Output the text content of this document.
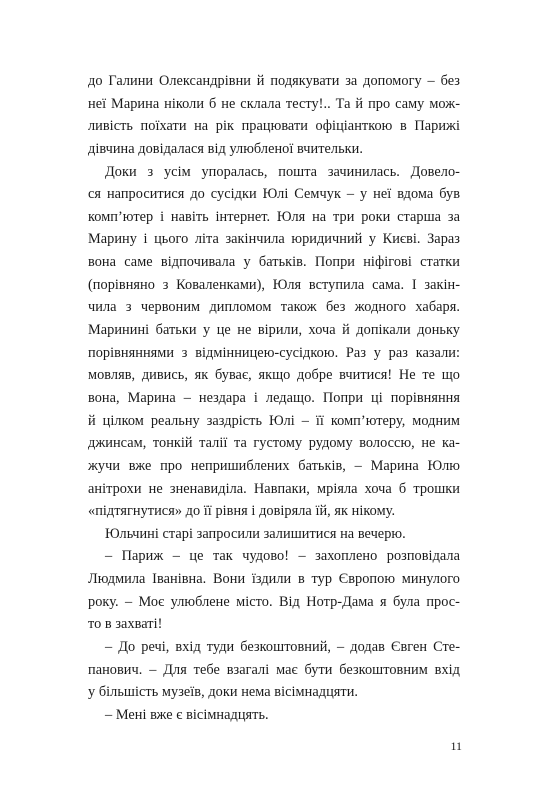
до Галини Олександрівни й подякувати за допомогу – без
неї Марина ніколи б не склала тесту!.. Та й про саму мож-
ливість поїхати на рік працювати офіціанткою в Парижі
дівчина довідалася від улюбленої вчительки.
Доки з усім упоралась, пошта зачинилась. Довело-
ся напроситися до сусідки Юлі Семчук – у неї вдома був
комп’ютер і навіть інтернет. Юля на три роки старша за
Марину і цього літа закінчила юридичний у Києві. Зараз
вона саме відпочивала у батьків. Попри ніфігові статки
(порівняно з Коваленками), Юля вступила сама. І закін-
чила з червоним дипломом також без жодного хабаря.
Маринині батьки у це не вірили, хоча й допікали доньку
порівняннями з відмінницею-сусідкою. Раз у раз казали:
мовляв, дивись, як буває, якщо добре вчитися! Не те що
вона, Марина – нездара і ледащо. Попри ці порівняння
й цілком реальну заздрість Юлі – її комп’ютеру, модним
джинсам, тонкій талії та густому рудому волоссю, не ка-
жучи вже про непришиблених батьків, – Марина Юлю
анітрохи не зненавиділа. Навпаки, мріяла хоча б трошки
«підтягнутися» до її рівня і довіряла їй, як нікому.
Юльчині старі запросили залишитися на вечерю.
– Париж – це так чудово! – захоплено розповідала
Людмила Іванівна. Вони їздили в тур Європою минулого
року. – Моє улюблене місто. Від Нотр-Дама я була прос-
то в захваті!
– До речі, вхід туди безкоштовний, – додав Євген Сте-
панович. – Для тебе взагалі має бути безкоштовним вхід
у більшість музеїв, доки нема вісімнадцяти.
– Мені вже є вісімнадцять.
11
